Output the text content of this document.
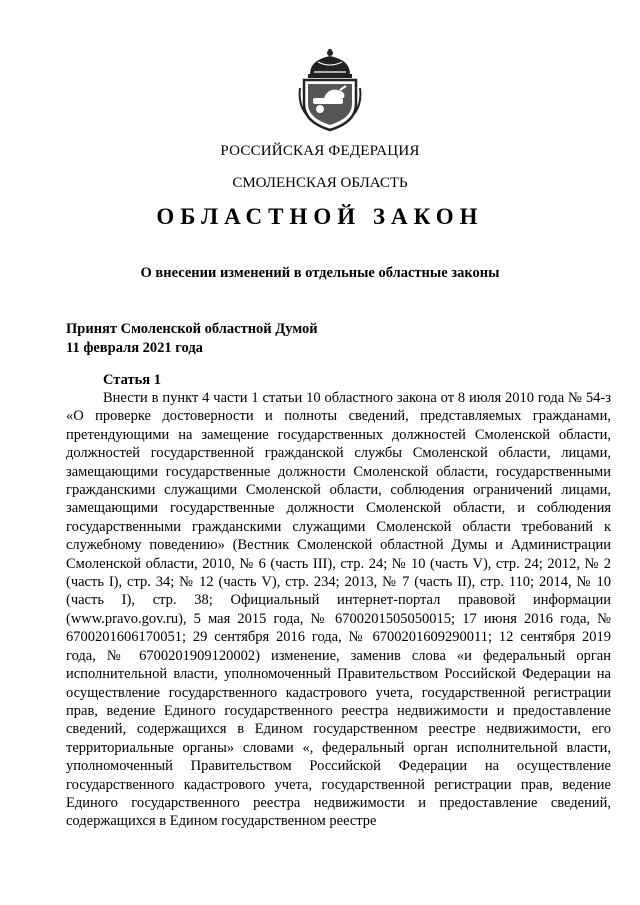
РОССИЙСКАЯ ФЕДЕРАЦИЯ
СМОЛЕНСКАЯ ОБЛАСТЬ
ОБЛАСТНОЙ ЗАКОН
О внесении изменений в отдельные областные законы
Принят Смоленской областной Думой
11 февраля 2021 года
Статья 1

Внести в пункт 4 части 1 статьи 10 областного закона от 8 июля 2010 года № 54-з «О проверке достоверности и полноты сведений, представляемых гражданами, претендующими на замещение государственных должностей Смоленской области, должностей государственной гражданской службы Смоленской области, лицами, замещающими государственные должности Смоленской области, государственными гражданскими служащими Смоленской области, соблюдения ограничений лицами, замещающими государственные должности Смоленской области, и соблюдения государственными гражданскими служащими Смоленской области требований к служебному поведению» (Вестник Смоленской областной Думы и Администрации Смоленской области, 2010, № 6 (часть III), стр. 24; № 10 (часть V), стр. 24; 2012, № 2 (часть I), стр. 34; № 12 (часть V), стр. 234; 2013, № 7 (часть II), стр. 110; 2014, № 10 (часть I), стр. 38; Официальный интернет-портал правовой информации (www.pravo.gov.ru), 5 мая 2015 года, № 6700201505050015; 17 июня 2016 года, № 6700201606170051; 29 сентября 2016 года, № 6700201609290011; 12 сентября 2019 года, № 6700201909120002) изменение, заменив слова «и федеральный орган исполнительной власти, уполномоченный Правительством Российской Федерации на осуществление государственного кадастрового учета, государственной регистрации прав, ведение Единого государственного реестра недвижимости и предоставление сведений, содержащихся в Едином государственном реестре недвижимости, его территориальные органы» словами «, федеральный орган исполнительной власти, уполномоченный Правительством Российской Федерации на осуществление государственного кадастрового учета, государственной регистрации прав, ведение Единого государственного реестра недвижимости и предоставление сведений, содержащихся в Едином государственном реестре
